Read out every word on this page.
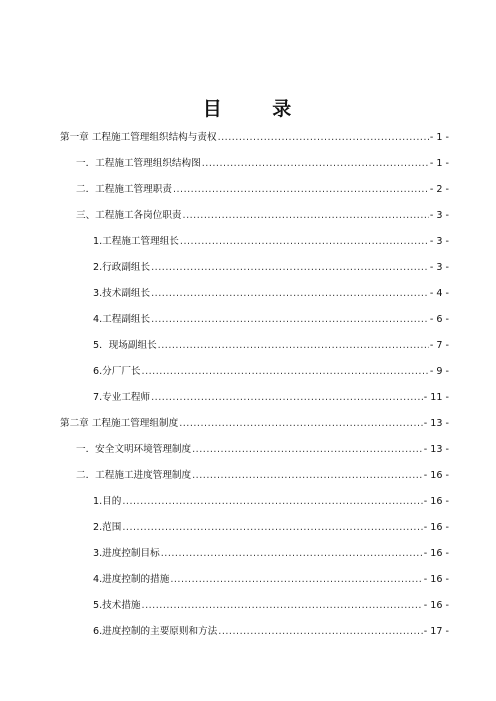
目 录
第一章 工程施工管理组织结构与责权 .....	- 1 -
一．工程施工管理组织结构图 .....	- 1 -
二．工程施工管理职责 .....	- 2 -
三、工程施工各岗位职责 .....	- 3 -
1.工程施工管理组长 .....	- 3 -
2.行政副组长 .....	- 3 -
3.技术副组长 .....	- 4 -
4.工程副组长 .....	- 6 -
5．现场副组长 .....	- 7 -
6.分厂厂长 .....	- 9 -
7.专业工程师 .....	- 11 -
第二章 工程施工管理组制度 .....	- 13 -
一．安全文明环境管理制度 .....	- 13 -
二．工程施工进度管理制度 .....	- 16 -
1.目的 .....	- 16 -
2.范围 .....	- 16 -
3.进度控制目标 .....	- 16 -
4.进度控制的措施 .....	- 16 -
5.技术措施 .....	- 16 -
6.进度控制的主要原则和方法 .....	- 17 -
